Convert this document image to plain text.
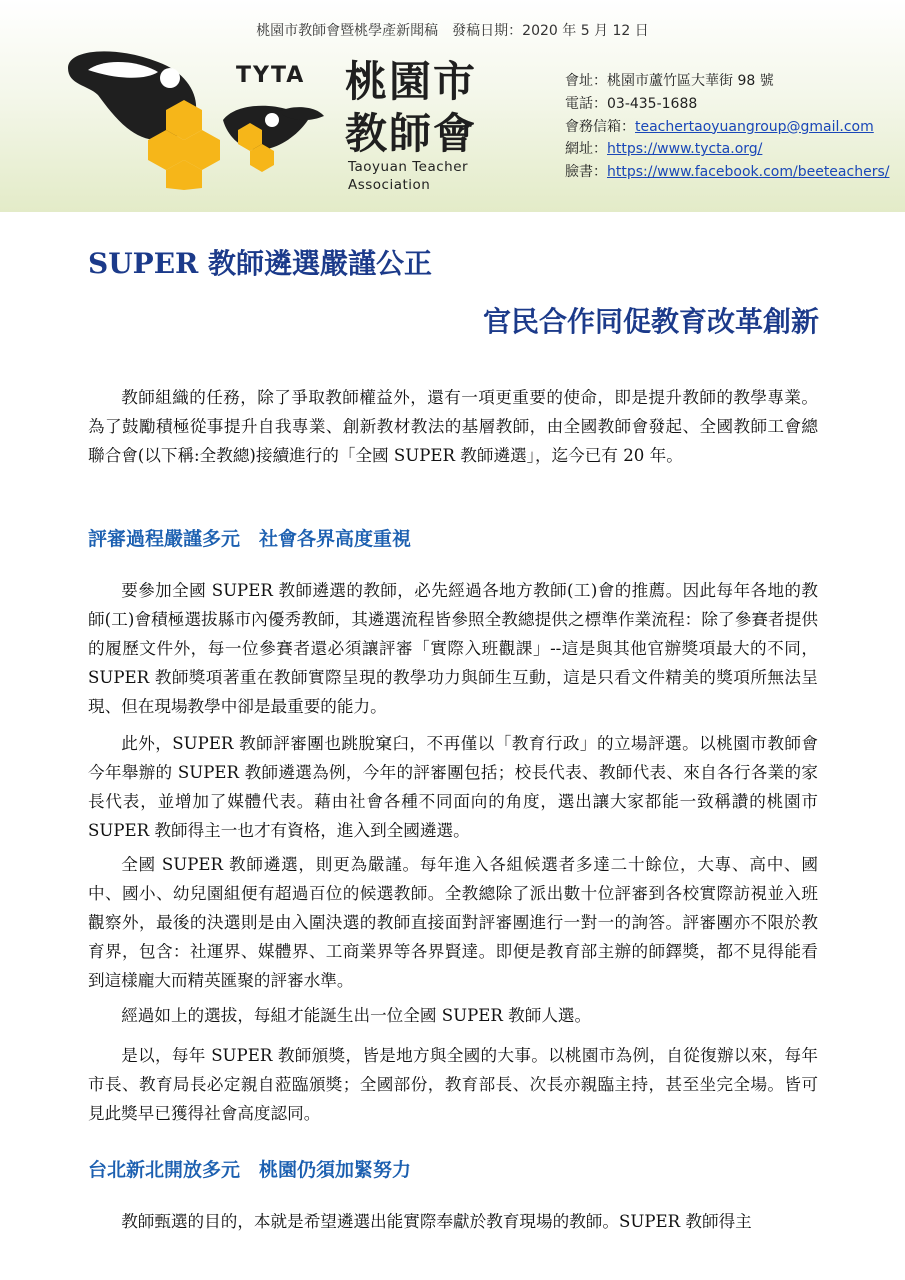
桃園市教師會暨桃學產新聞稿　發稿日期：2020 年 5 月 12 日
TYTA 桃園市
教師會
Taoyuan Teacher
Association
會址：桃園市蘆竹區大華街 98 號
電話：03-435-1688
會務信箱：teachertaoyuangroup@gmail.com
網址：https://www.tycta.org/
臉書：https://www.facebook.com/beeteachers/
SUPER 教師遴選嚴謹公正
官民合作同促教育改革創新

教師組織的任務，除了爭取教師權益外，還有一項更重要的使命，即是提升教師的教學專業。為了鼓勵積極從事提升自我專業、創新教材教法的基層教師，由全國教師會發起、全國教師工會總聯合會(以下稱:全教總)接續進行的「全國 SUPER 教師遴選」，迄今已有 20 年。

評審過程嚴謹多元　社會各界高度重視

要參加全國 SUPER 教師遴選的教師，必先經過各地方教師(工)會的推薦。因此每年各地的教師(工)會積極選拔縣市內優秀教師，其遴選流程皆參照全教總提供之標準作業流程：除了參賽者提供的履歷文件外，每一位參賽者還必須讓評審「實際入班觀課」--這是與其他官辦獎項最大的不同，SUPER 教師獎項著重在教師實際呈現的教學功力與師生互動，這是只看文件精美的獎項所無法呈現、但在現場教學中卻是最重要的能力。

此外，SUPER 教師評審團也跳脫窠臼，不再僅以「教育行政」的立場評選。以桃園市教師會今年舉辦的 SUPER 教師遴選為例，今年的評審團包括；校長代表、教師代表、來自各行各業的家長代表，並增加了媒體代表。藉由社會各種不同面向的角度，選出讓大家都能一致稱讚的桃園市 SUPER 教師得主一也才有資格，進入到全國遴選。

全國 SUPER 教師遴選，則更為嚴謹。每年進入各組候選者多達二十餘位，大專、高中、國中、國小、幼兒園組便有超過百位的候選教師。全教總除了派出數十位評審到各校實際訪視並入班觀察外，最後的決選則是由入圍決選的教師直接面對評審團進行一對一的詢答。評審團亦不限於教育界，包含：社運界、媒體界、工商業界等各界賢達。即便是教育部主辦的師鐸獎，都不見得能看到這樣龐大而精英匯聚的評審水準。

經過如上的選拔，每組才能誕生出一位全國 SUPER 教師人選。

是以，每年 SUPER 教師頒獎，皆是地方與全國的大事。以桃園市為例，自從復辦以來，每年市長、教育局長必定親自蒞臨頒獎；全國部份，教育部長、次長亦親臨主持，甚至坐完全場。皆可見此獎早已獲得社會高度認同。

台北新北開放多元　桃園仍須加緊努力

教師甄選的目的，本就是希望遴選出能實際奉獻於教育現場的教師。SUPER 教師得主
